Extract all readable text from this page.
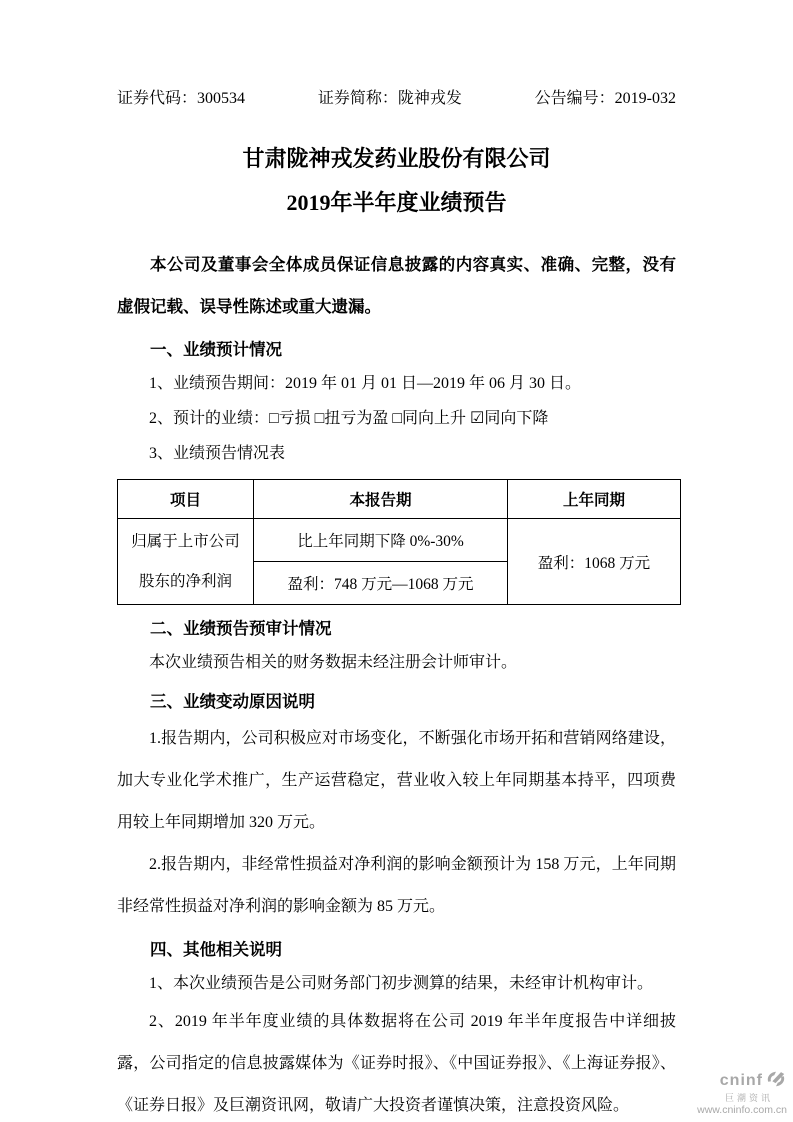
证券代码：300534	证券简称：陇神戎发	公告编号：2019-032
甘肃陇神戎发药业股份有限公司
2019年半年度业绩预告
本公司及董事会全体成员保证信息披露的内容真实、准确、完整，没有虚假记载、误导性陈述或重大遗漏。
一、业绩预计情况
1、业绩预告期间：2019 年 01 月 01 日—2019 年 06 月 30 日。
2、预计的业绩：□亏损 □扭亏为盈 □同向上升 ☑同向下降
3、业绩预告情况表
项目	本报告期	上年同期

归属于上市公司
股东的净利润	比上年同期下降 0%-30%	盈利：1068 万元
	盈利：748 万元—1068 万元	
二、业绩预告预审计情况
本次业绩预告相关的财务数据未经注册会计师审计。
三、业绩变动原因说明
1.报告期内，公司积极应对市场变化，不断强化市场开拓和营销网络建设，加大专业化学术推广，生产运营稳定，营业收入较上年同期基本持平，四项费用较上年同期增加 320 万元。
2.报告期内，非经常性损益对净利润的影响金额预计为 158 万元，上年同期非经常性损益对净利润的影响金额为 85 万元。
四、其他相关说明
1、本次业绩预告是公司财务部门初步测算的结果，未经审计机构审计。
2、2019 年半年度业绩的具体数据将在公司 2019 年半年度报告中详细披露，公司指定的信息披露媒体为《证券时报》、《中国证券报》、《上海证券报》、《证券日报》及巨潮资讯网，敬请广大投资者谨慎决策，注意投资风险。
cninf
巨潮资讯
www.cninfo.com.cn
